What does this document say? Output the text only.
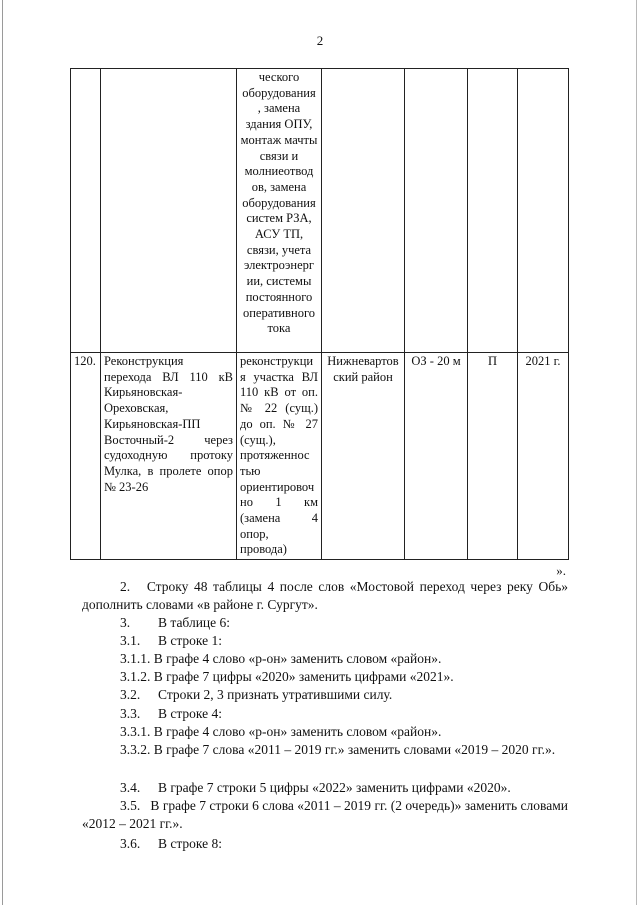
2
		ческого оборудования , замена здания ОПУ, монтаж мачты связи и молниеотвод ов, замена оборудования систем РЗА, АСУ ТП, связи, учета электроэнерг ии, системы постоянного оперативного тока				
120.	Реконструкция перехода ВЛ 110 кВ Кирьяновская-Ореховская, Кирьяновская-ПП Восточный-2 через судоходную протоку Мулка, в пролете опор № 23-26	реконструкци я участка ВЛ 110 кВ от оп. № 22 (сущ.) до оп. № 27 (сущ.), протяженнос тью ориентировоч но 1 км (замена 4 опор, провода)	Нижневартов ский район	ОЗ - 20 м	П	2021 г.
».
2. Строку 48 таблицы 4 после слов «Мостовой переход через реку Обь» дополнить словами «в районе г. Сургут».
3. В таблице 6:
3.1. В строке 1:
3.1.1. В графе 4 слово «р-он» заменить словом «район».
3.1.2. В графе 7 цифры «2020» заменить цифрами «2021».
3.2. Строки 2, 3 признать утратившими силу.
3.3. В строке 4:
3.3.1. В графе 4 слово «р-он» заменить словом «район».
3.3.2. В графе 7 слова «2011 – 2019 гг.» заменить словами «2019 – 2020 гг.».
3.4. В графе 7 строки 5 цифры «2022» заменить цифрами «2020».
3.5. В графе 7 строки 6 слова «2011 – 2019 гг. (2 очередь)» заменить словами «2012 – 2021 гг.».
3.6. В строке 8:
